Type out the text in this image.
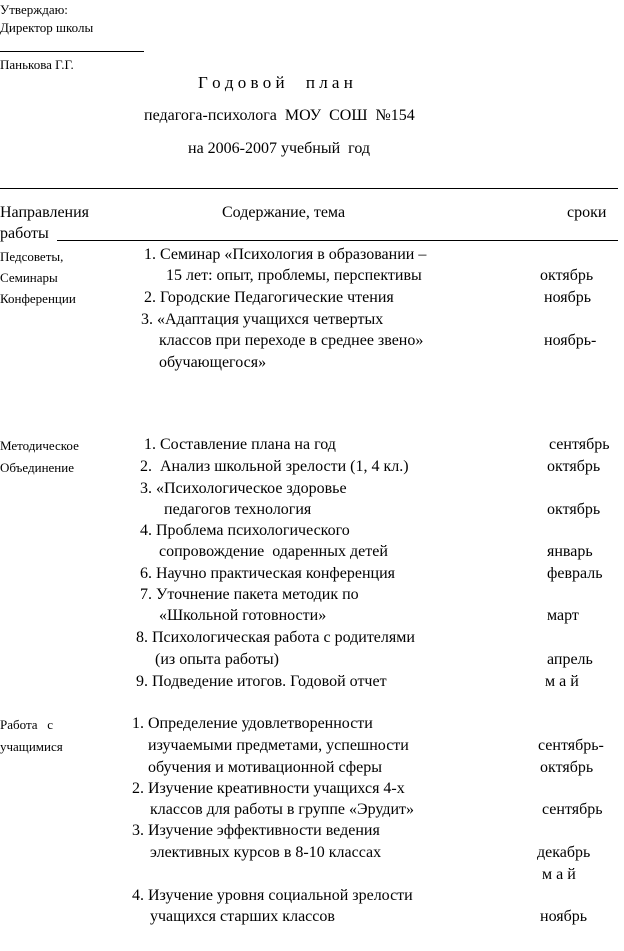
Утверждаю:
Директор школы
Панькова Г.Г.
Г о д о в о й     п л а н
педагога-психолога  МОУ  СОШ  №154
на 2006-2007 учебный  год
Направления
работы
Содержание, тема	сроки
Педсоветы,
Семинары
Конференции
1. Семинар «Психология в образовании –
15 лет: опыт, проблемы, перспективы
2. Городские Педагогические чтения
3. «Адаптация учащихся четвертых
классов при переходе в среднее звено»
обучающегося»
октябрь
ноябрь
ноябрь-
Методическое
Объединение
1. Составление плана на год
2.  Анализ школьной зрелости (1, 4 кл.)
3. «Психологическое здоровье
педагогов технология
4. Проблема психологического
сопровождение  одаренных детей
6. Научно практическая конференция
7. Уточнение пакета методик по
«Школьной готовности»
8. Психологическая работа с родителями
(из опыта работы)
9. Подведение итогов. Годовой отчет
сентябрь
октябрь
октябрь
январь
февраль
март
апрель
м а й
Работа   с
учащимися
1. Определение удовлетворенности
изучаемыми предметами, успешности
обучения и мотивационной сферы
2. Изучение креативности учащихся 4-х
классов для работы в группе «Эрудит»
3. Изучение эффективности ведения
элективных курсов в 8-10 классах
4. Изучение уровня социальной зрелости
учащихся старших классов
сентябрь-
октябрь
сентябрь
декабрь
м а й
ноябрь
